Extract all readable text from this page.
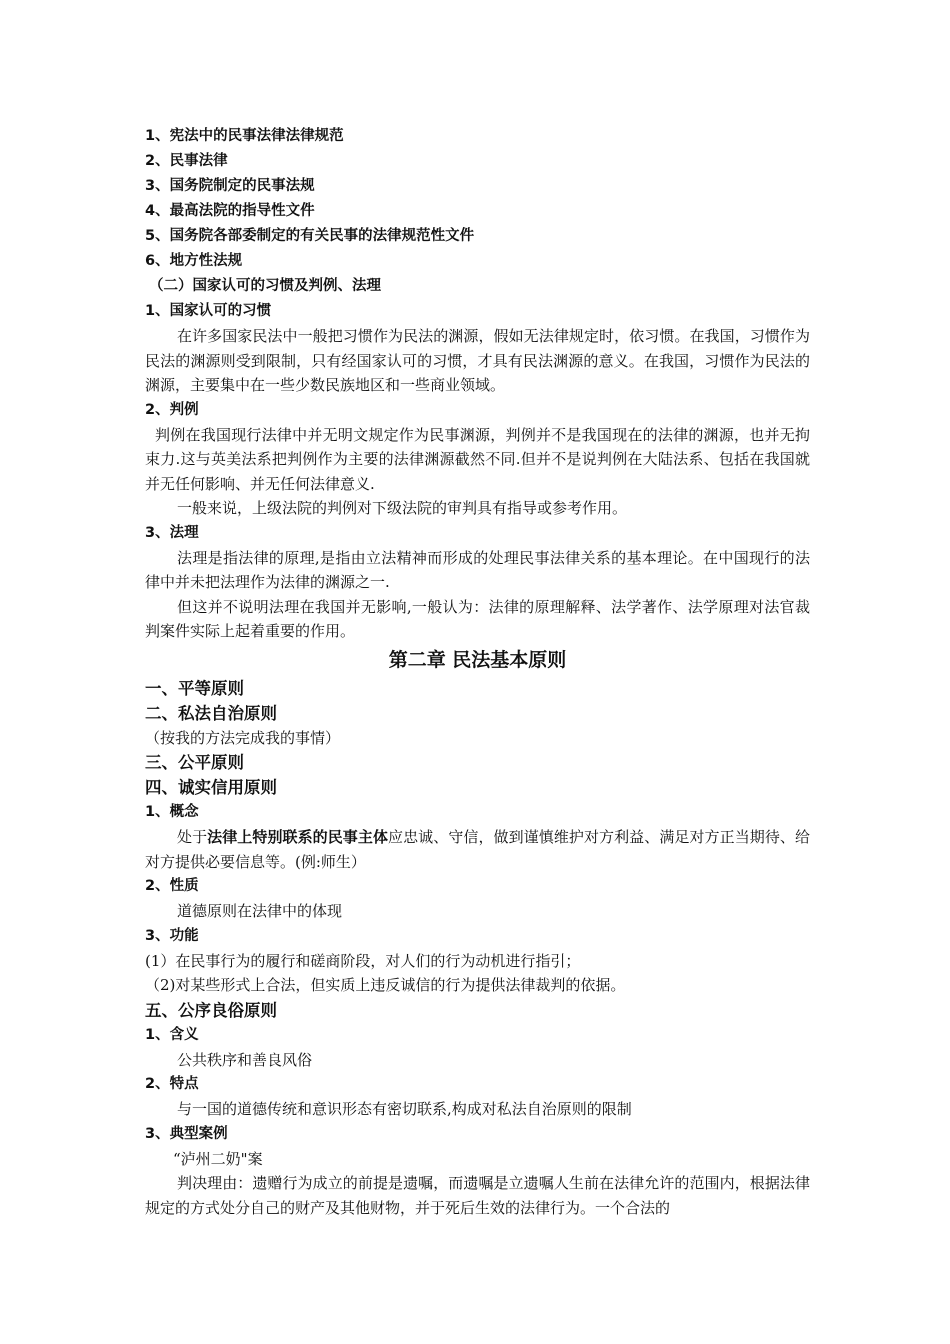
1、宪法中的民事法律法律规范
2、民事法律
3、国务院制定的民事法规
4、最高法院的指导性文件
5、国务院各部委制定的有关民事的法律规范性文件
6、地方性法规
（二）国家认可的习惯及判例、法理
1、国家认可的习惯
在许多国家民法中一般把习惯作为民法的渊源，假如无法律规定时，依习惯。在我国，习惯作为民法的渊源则受到限制，只有经国家认可的习惯，才具有民法渊源的意义。在我国，习惯作为民法的渊源，主要集中在一些少数民族地区和一些商业领域。
2、判例
判例在我国现行法律中并无明文规定作为民事渊源，判例并不是我国现在的法律的渊源，也并无拘束力.这与英美法系把判例作为主要的法律渊源截然不同.但并不是说判例在大陆法系、包括在我国就并无任何影响、并无任何法律意义.
一般来说，上级法院的判例对下级法院的审判具有指导或参考作用。
3、法理
法理是指法律的原理,是指由立法精神而形成的处理民事法律关系的基本理论。在中国现行的法律中并未把法理作为法律的渊源之一.
但这并不说明法理在我国并无影响,一般认为：法律的原理解释、法学著作、法学原理对法官裁判案件实际上起着重要的作用。
第二章 民法基本原则
一、平等原则
二、私法自治原则
（按我的方法完成我的事情）
三、公平原则
四、诚实信用原则
1、概念
处于法律上特别联系的民事主体应忠诚、守信，做到谨慎维护对方利益、满足对方正当期待、给对方提供必要信息等。(例:师生）
2、性质
道德原则在法律中的体现
3、功能
(1）在民事行为的履行和磋商阶段，对人们的行为动机进行指引；
（2)对某些形式上合法，但实质上违反诚信的行为提供法律裁判的依据。
五、公序良俗原则
1、含义
公共秩序和善良风俗
2、特点
与一国的道德传统和意识形态有密切联系,构成对私法自治原则的限制
3、典型案例
“泸州二奶"案
判决理由：遗赠行为成立的前提是遗嘱，而遗嘱是立遗嘱人生前在法律允许的范围内，根据法律规定的方式处分自己的财产及其他财物，并于死后生效的法律行为。一个合法的
